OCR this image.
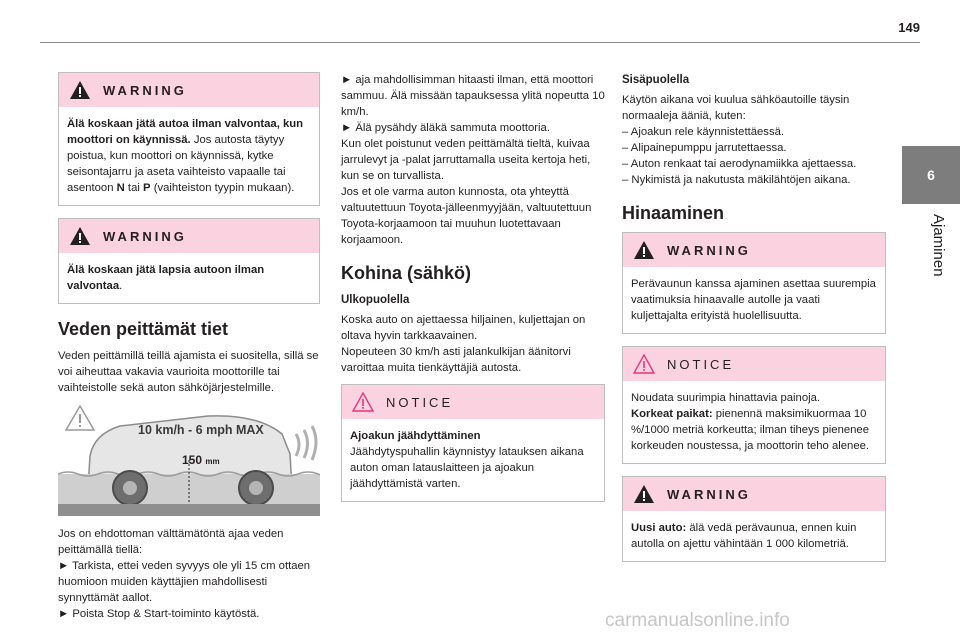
149
6
Ajaminen
WARNING
Älä koskaan jätä autoa ilman valvontaa, kun moottori on käynnissä. Jos autosta täytyy poistua, kun moottori on käynnissä, kytke seisontajarru ja aseta vaihteisto vapaalle tai asentoon N tai P (vaihteiston tyypin mukaan).
WARNING
Älä koskaan jätä lapsia autoon ilman valvontaa.
Veden peittämät tiet

Veden peittämillä teillä ajamista ei suositella, sillä se voi aiheuttaa vakavia vaurioita moottorille tai vaihteistolle sekä auton sähköjärjestelmille.

10 km/h - 6 mph MAX
150 mm

Jos on ehdottoman välttämätöntä ajaa veden peittämällä tiellä:

► Tarkista, ettei veden syvyys ole yli 15 cm ottaen huomioon muiden käyttäjien mahdollisesti synnyttämät aallot.

► Poista Stop & Start-toiminto käytöstä.

► aja mahdollisimman hitaasti ilman, että moottori sammuu. Älä missään tapauksessa ylitä nopeutta 10 km/h.

► Älä pysähdy äläkä sammuta moottoria.

Kun olet poistunut veden peittämältä tieltä, kuivaa jarrulevyt ja -palat jarruttamalla useita kertoja heti, kun se on turvallista.

Jos et ole varma auton kunnosta, ota yhteyttä valtuutettuun Toyota-jälleenmyyjään, valtuutettuun Toyota-korjaamoon tai muuhun luotettavaan korjaamoon.

Kohina (sähkö)
Ulkopuolella

Koska auto on ajettaessa hiljainen, kuljettajan on oltava hyvin tarkkaavainen.

Nopeuteen 30 km/h asti jalankulkijan äänitorvi varoittaa muita tienkäyttäjiä autosta.

NOTICE
Ajoakun jäähdyttäminen
Jäähdytyspuhallin käynnistyy latauksen aikana auton oman latauslaitteen ja ajoakun jäähdyttämistä varten.
Sisäpuolella

Käytön aikana voi kuulua sähköautoille täysin normaaleja ääniä, kuten:

– Ajoakun rele käynnistettäessä.

– Alipainepumppu jarrutettaessa.

– Auton renkaat tai aerodynamiikka ajettaessa.

– Nykimistä ja nakutusta mäkilähtöjen aikana.

Hinaaminen
WARNING
Perävaunun kanssa ajaminen asettaa suurempia vaatimuksia hinaavalle autolle ja vaati kuljettajalta erityistä huolellisuutta.
NOTICE
Noudata suurimpia hinattavia painoja.
Korkeat paikat: pienennä maksimikuormaa 10 %/1000 metriä korkeutta; ilman tiheys pienenee korkeuden noustessa, ja moottorin teho alenee.
WARNING
Uusi auto: älä vedä perävaunua, ennen kuin autolla on ajettu vähintään 1 000 kilometriä.
carmanualsonline.info
